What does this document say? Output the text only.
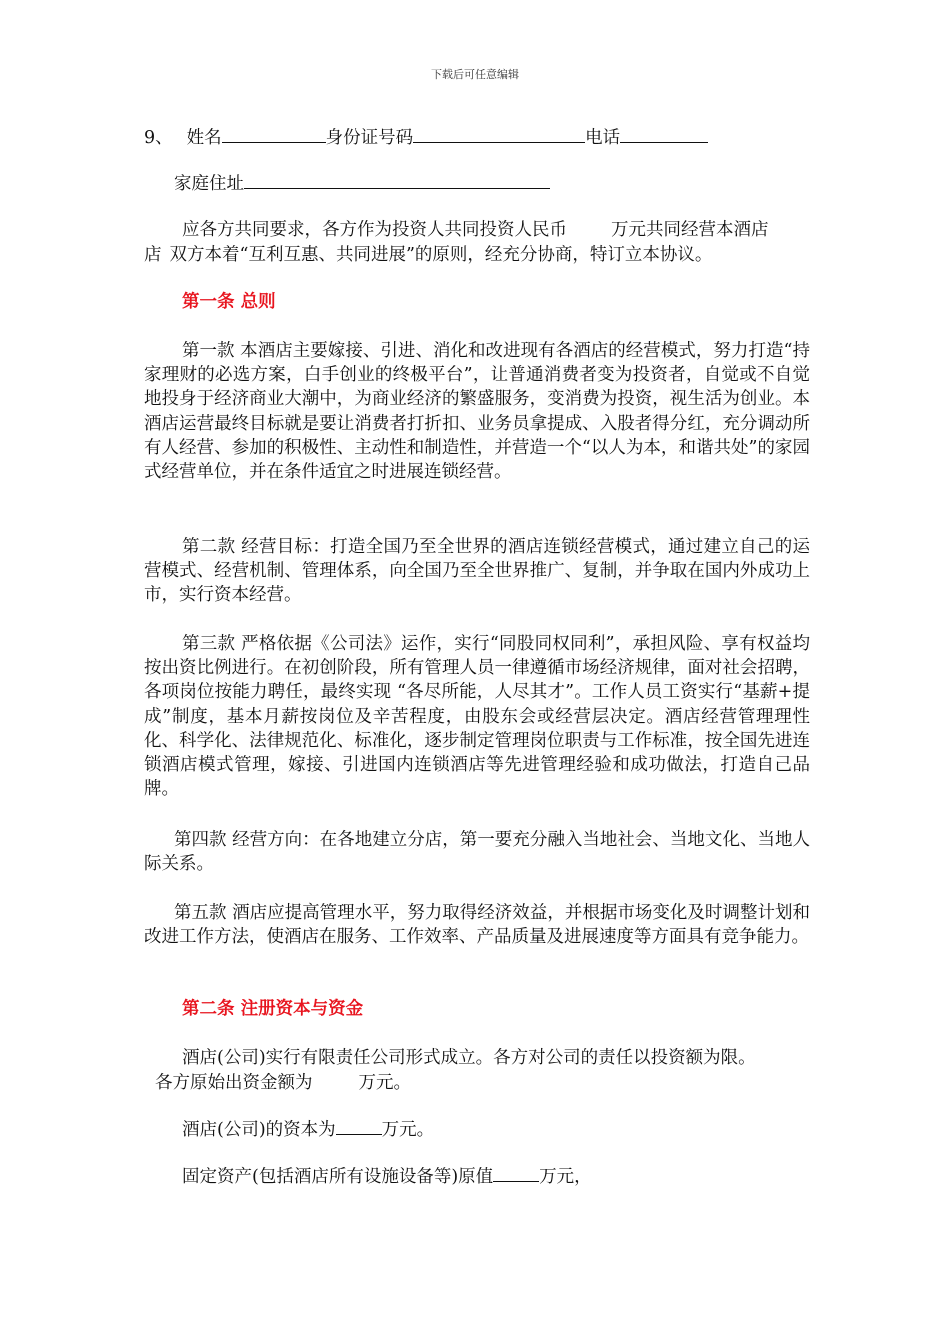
下载后可任意编辑
9、 姓名	身份证号码	电话
家庭住址
应各方共同要求，各方作为投资人共同投资人民币	万元共同经营本酒店
店 双方本着“互利互惠、共同进展”的原则，经充分协商，特订立本协议。
第一条 总则

第一款 本酒店主要嫁接、引进、消化和改进现有各酒店的经营模式，努力打造“持家理财的必选方案，白手创业的终极平台”，让普通消费者变为投资者，自觉或不自觉地投身于经济商业大潮中，为商业经济的繁盛服务，变消费为投资，视生活为创业。本酒店运营最终目标就是要让消费者打折扣、业务员拿提成、入股者得分红，充分调动所有人经营、参加的积极性、主动性和制造性，并营造一个“以人为本，和谐共处”的家园式经营单位，并在条件适宜之时进展连锁经营。

第二款 经营目标：打造全国乃至全世界的酒店连锁经营模式，通过建立自己的运营模式、经营机制、管理体系，向全国乃至全世界推广、复制，并争取在国内外成功上市，实行资本经营。

第三款 严格依据《公司法》运作，实行“同股同权同利”，承担风险、享有权益均按出资比例进行。在初创阶段，所有管理人员一律遵循市场经济规律，面对社会招聘，各项岗位按能力聘任，最终实现 “各尽所能，人尽其才”。工作人员工资实行“基薪+提成”制度，基本月薪按岗位及辛苦程度，由股东会或经营层决定。酒店经营管理理性化、科学化、法律规范化、标准化，逐步制定管理岗位职责与工作标准，按全国先进连锁酒店模式管理，嫁接、引进国内连锁酒店等先进管理经验和成功做法，打造自己品牌。

第四款 经营方向：在各地建立分店，第一要充分融入当地社会、当地文化、当地人际关系。

第五款 酒店应提高管理水平，努力取得经济效益，并根据市场变化及时调整计划和改进工作方法，使酒店在服务、工作效率、产品质量及进展速度等方面具有竞争能力。

第二条 注册资本与资金
酒店(公司)实行有限责任公司形式成立。各方对公司的责任以投资额为限。
各方原始出资金额为	万元。
酒店(公司)的资本为	万元。
固定资产(包括酒店所有设施设备等)原值	万元，
